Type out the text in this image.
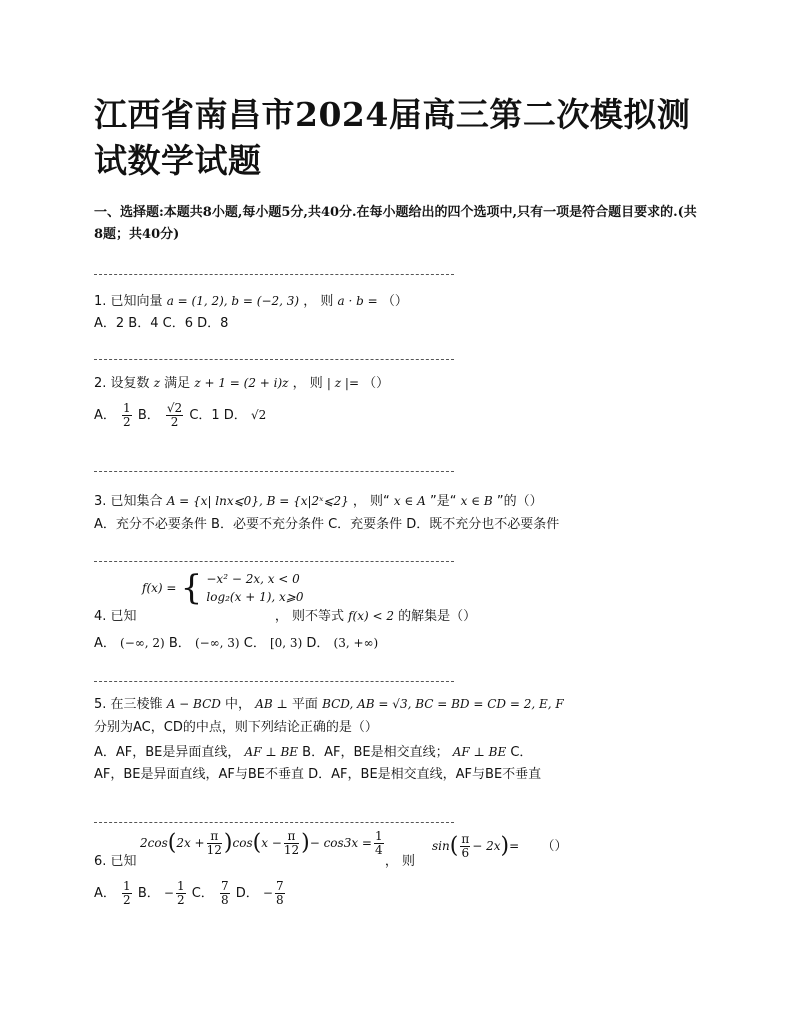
江西省南昌市2024届高三第二次模拟测试数学试题
一、选择题:本题共8小题,每小题5分,共40分.在每小题给出的四个选项中,只有一项是符合题目要求的.(共8题；共40分)
1. 已知向量 a = (1, 2), b = (−2, 3) ， 则 a · b = （）
A．2 B．4 C．6 D．8
2. 设复数 z 满足 z + 1 = (2 + i)z ， 则 | z |= （）
A． $\frac{1}{2}$ B． $\frac{√2}{2}$ C．1 D． √2
3. 已知集合 A = {x| lnx⩽0}, B = {x|2ˣ⩽2} ， 则“ x ∈ A ”是“ x ∈ B ”的（）
A．充分不必要条件 B．必要不充分条件 C．充要条件 D．既不充分也不必要条件
f(x) = { −x² − 2x, x < 0
log₂(x + 1), x⩾0
4. 已知	， 则不等式 f(x) < 2 的解集是（）
A． (−∞, 2) B． (−∞, 3) C． [0, 3) D． (3, +∞)
5. 在三棱锥 A − BCD 中， AB ⊥ 平面 BCD, AB = √3, BC = BD = CD = 2, E, F
分别为AC，CD的中点，则下列结论正确的是（）
A．AF，BE是异面直线， AF ⊥ BE B．AF，BE是相交直线； AF ⊥ BE C．
AF，BE是异面直线，AF与BE不垂直 D．AF，BE是相交直线，AF与BE不垂直
$2\cos(2x + \frac{\pi}{12} )\cos(x - \frac{\pi}{12}$ )− $\cos 3x = \frac{1}{4}$
6. 已知	， 则
$\sin( \frac{\pi}{6} - 2x)=$ （）
A． $\frac{1}{2}$ B． − $\frac{1}{2}$ C． $\frac{7}{8}$ D． − $\frac{7}{8}$
